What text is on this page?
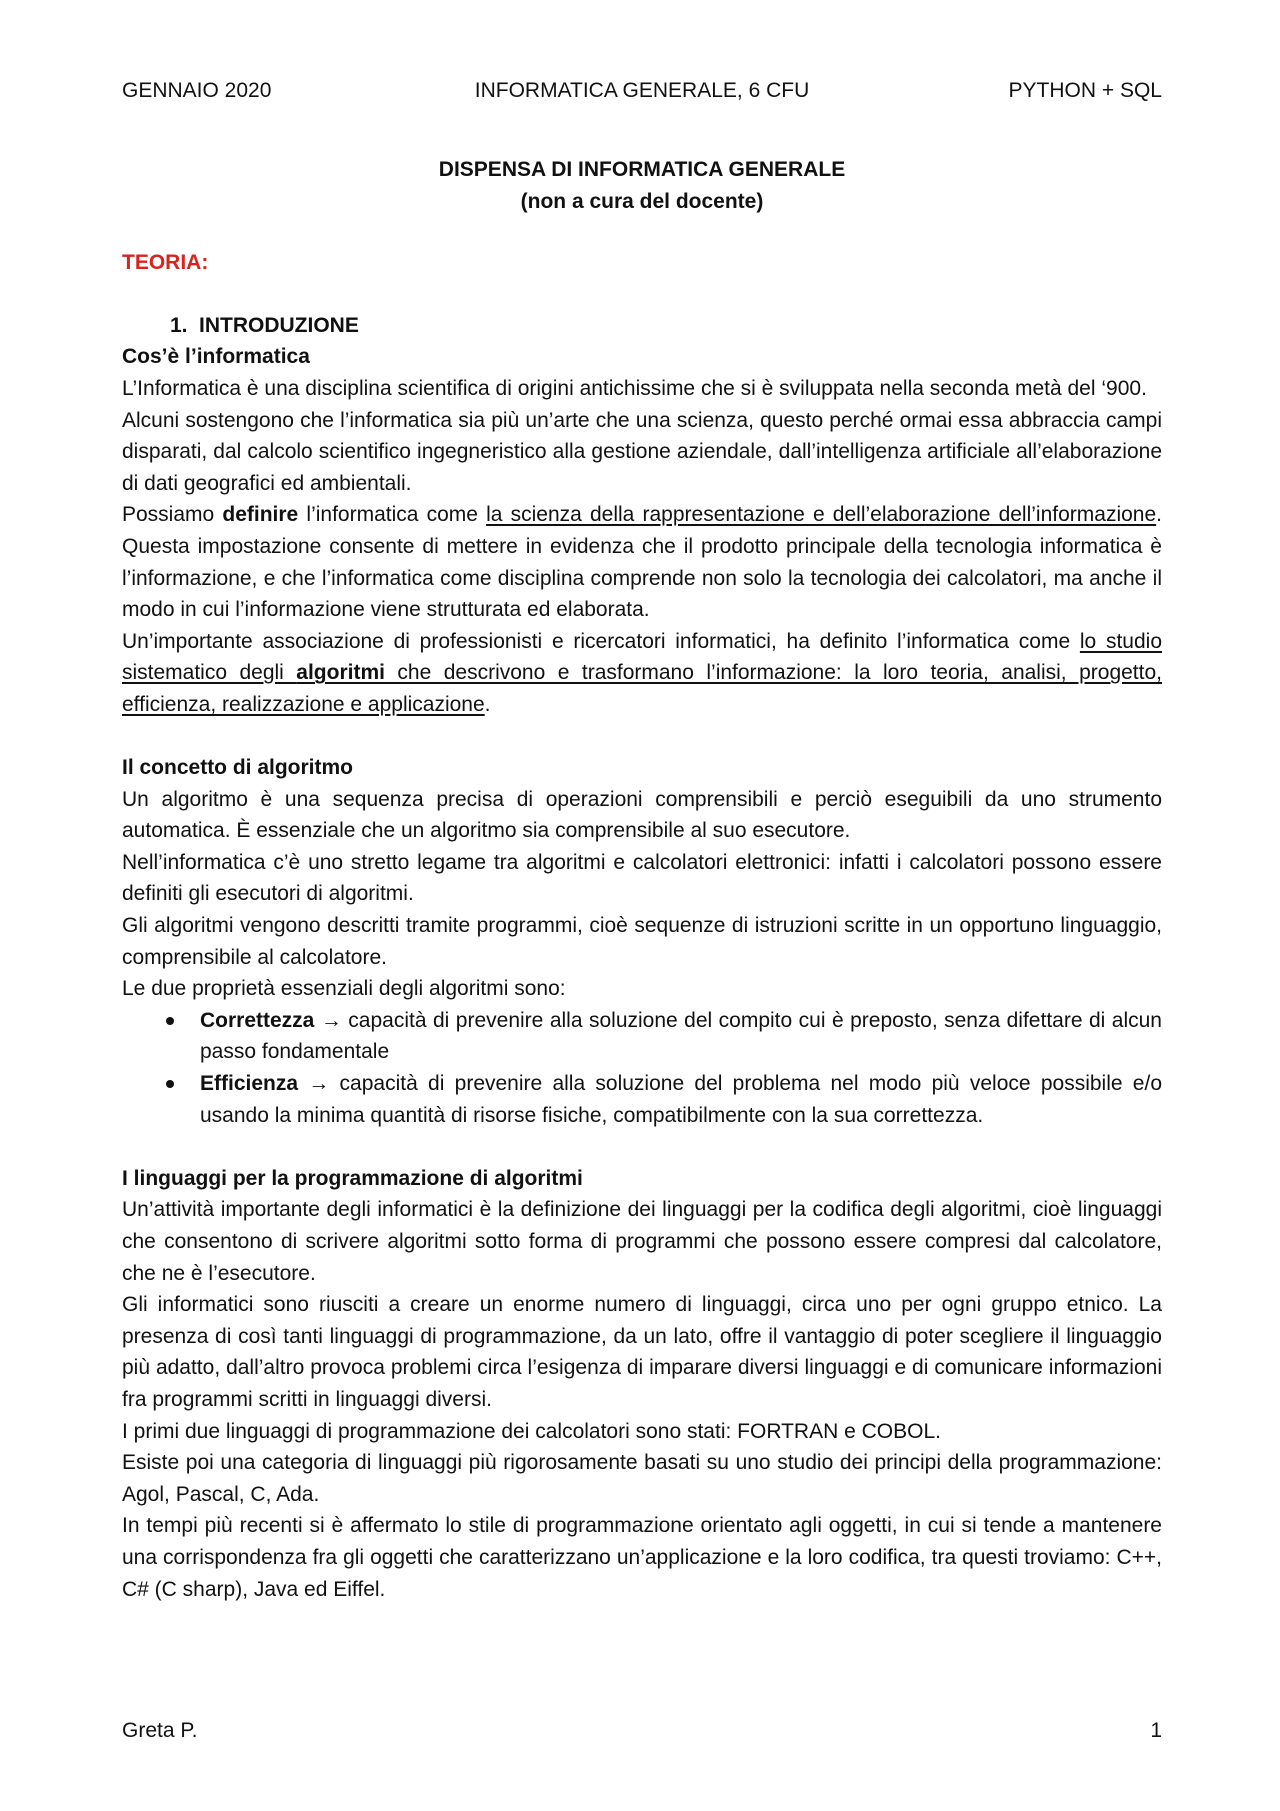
GENNAIO 2020	INFORMATICA GENERALE, 6 CFU	PYTHON + SQL
DISPENSA DI INFORMATICA GENERALE
(non a cura del docente)
TEORIA:
1. INTRODUZIONE
Cos’è l’informatica

L’Informatica è una disciplina scientifica di origini antichissime che si è sviluppata nella seconda metà del ‘900.

Alcuni sostengono che l’informatica sia più un’arte che una scienza, questo perché ormai essa abbraccia campi disparati, dal calcolo scientifico ingegneristico alla gestione aziendale, dall’intelligenza artificiale all’elaborazione di dati geografici ed ambientali.

Possiamo definire l’informatica come la scienza della rappresentazione e dell’elaborazione dell’informazione. Questa impostazione consente di mettere in evidenza che il prodotto principale della tecnologia informatica è l’informazione, e che l’informatica come disciplina comprende non solo la tecnologia dei calcolatori, ma anche il modo in cui l’informazione viene strutturata ed elaborata.

Un’importante associazione di professionisti e ricercatori informatici, ha definito l’informatica come lo studio sistematico degli algoritmi che descrivono e trasformano l’informazione: la loro teoria, analisi, progetto, efficienza, realizzazione e applicazione.

Il concetto di algoritmo

Un algoritmo è una sequenza precisa di operazioni comprensibili e perciò eseguibili da uno strumento automatica. È essenziale che un algoritmo sia comprensibile al suo esecutore.

Nell’informatica c’è uno stretto legame tra algoritmi e calcolatori elettronici: infatti i calcolatori possono essere definiti gli esecutori di algoritmi.

Gli algoritmi vengono descritti tramite programmi, cioè sequenze di istruzioni scritte in un opportuno linguaggio, comprensibile al calcolatore.

Le due proprietà essenziali degli algoritmi sono:

Correttezza → capacità di prevenire alla soluzione del compito cui è preposto, senza difettare di alcun passo fondamentale
Efficienza → capacità di prevenire alla soluzione del problema nel modo più veloce possibile e/o usando la minima quantità di risorse fisiche, compatibilmente con la sua correttezza.
I linguaggi per la programmazione di algoritmi

Un’attività importante degli informatici è la definizione dei linguaggi per la codifica degli algoritmi, cioè linguaggi che consentono di scrivere algoritmi sotto forma di programmi che possono essere compresi dal calcolatore, che ne è l’esecutore.

Gli informatici sono riusciti a creare un enorme numero di linguaggi, circa uno per ogni gruppo etnico. La presenza di così tanti linguaggi di programmazione, da un lato, offre il vantaggio di poter scegliere il linguaggio più adatto, dall’altro provoca problemi circa l’esigenza di imparare diversi linguaggi e di comunicare informazioni fra programmi scritti in linguaggi diversi.

I primi due linguaggi di programmazione dei calcolatori sono stati: FORTRAN e COBOL.

Esiste poi una categoria di linguaggi più rigorosamente basati su uno studio dei principi della programmazione: Agol, Pascal, C, Ada.

In tempi più recenti si è affermato lo stile di programmazione orientato agli oggetti, in cui si tende a mantenere una corrispondenza fra gli oggetti che caratterizzano un’applicazione e la loro codifica, tra questi troviamo: C++, C# (C sharp), Java ed Eiffel.

Greta P.	1
